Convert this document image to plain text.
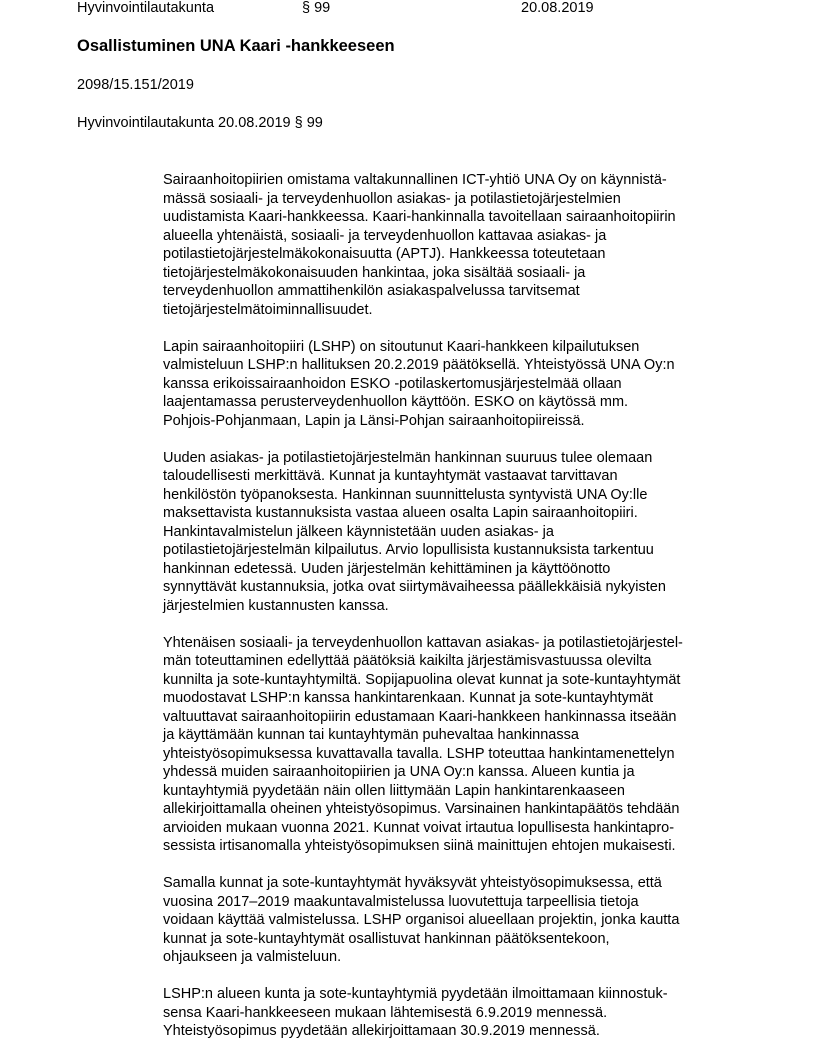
Hyvinvointilautakunta	§ 99	20.08.2019
Osallistuminen UNA Kaari -hankkeeseen
2098/15.151/2019
Hyvinvointilautakunta 20.08.2019 § 99

Sairaanhoitopiirien omistama valtakunnallinen ICT-yhtiö UNA Oy on käynnistä-
mässä sosiaali- ja terveydenhuollon asiakas- ja potilastietojärjestelmien
uudistamista Kaari-hankkeessa. Kaari-hankinnalla tavoitellaan sairaanhoitopiirin
alueella yhtenäistä, sosiaali- ja terveydenhuollon kattavaa asiakas- ja
potilastietojärjestelmäkokonaisuutta (APTJ). Hankkeessa toteutetaan
tietojärjestelmäkokonaisuuden hankintaa, joka sisältää sosiaali- ja
terveydenhuollon ammattihenkilön asiakaspalvelussa tarvitsemat
tietojärjestelmätoiminnallisuudet.

Lapin sairaanhoitopiiri (LSHP) on sitoutunut Kaari-hankkeen kilpailutuksen
valmisteluun LSHP:n hallituksen 20.2.2019 päätöksellä. Yhteistyössä UNA Oy:n
kanssa erikoissairaanhoidon ESKO -potilaskertomusjärjestelmää ollaan
laajentamassa perusterveydenhuollon käyttöön. ESKO on käytössä mm.
Pohjois-Pohjanmaan, Lapin ja Länsi-Pohjan sairaanhoitopiireissä.

Uuden asiakas- ja potilastietojärjestelmän hankinnan suuruus tulee olemaan
taloudellisesti merkittävä. Kunnat ja kuntayhtymät vastaavat tarvittavan
henkilöstön työpanoksesta. Hankinnan suunnittelusta syntyvistä UNA Oy:lle
maksettavista kustannuksista vastaa alueen osalta Lapin sairaanhoitopiiri.
Hankintavalmistelun jälkeen käynnistetään uuden asiakas- ja
potilastietojärjestelmän kilpailutus. Arvio lopullisista kustannuksista tarkentuu
hankinnan edetessä. Uuden järjestelmän kehittäminen ja käyttöönotto
synnyttävät kustannuksia, jotka ovat siirtymävaiheessa päällekkäisiä nykyisten
järjestelmien kustannusten kanssa.

Yhtenäisen sosiaali- ja terveydenhuollon kattavan asiakas- ja potilastietojärjestel-
män toteuttaminen edellyttää päätöksiä kaikilta järjestämisvastuussa olevilta
kunnilta ja sote-kuntayhtymiltä. Sopijapuolina olevat kunnat ja sote-kuntayhtymät
muodostavat LSHP:n kanssa hankintarenkaan. Kunnat ja sote-kuntayhtymät
valtuuttavat sairaanhoitopiirin edustamaan Kaari-hankkeen hankinnassa itseään
ja käyttämään kunnan tai kuntayhtymän puhevaltaa hankinnassa
yhteistyösopimuksessa kuvattavalla tavalla. LSHP toteuttaa hankintamenettelyn
yhdessä muiden sairaanhoitopiirien ja UNA Oy:n kanssa. Alueen kuntia ja
kuntayhtymiä pyydetään näin ollen liittymään Lapin hankintarenkaaseen
allekirjoittamalla oheinen yhteistyösopimus. Varsinainen hankintapäätös tehdään
arvioiden mukaan vuonna 2021. Kunnat voivat irtautua lopullisesta hankintapro-
sessista irtisanomalla yhteistyösopimuksen siinä mainittujen ehtojen mukaisesti.

Samalla kunnat ja sote-kuntayhtymät hyväksyvät yhteistyösopimuksessa, että
vuosina 2017–2019 maakuntavalmistelussa luovutettuja tarpeellisia tietoja
voidaan käyttää valmistelussa. LSHP organisoi alueellaan projektin, jonka kautta
kunnat ja sote-kuntayhtymät osallistuvat hankinnan päätöksentekoon,
ohjaukseen ja valmisteluun.

LSHP:n alueen kunta ja sote-kuntayhtymiä pyydetään ilmoittamaan kiinnostuk-
sensa Kaari-hankkeeseen mukaan lähtemisestä 6.9.2019 mennessä.
Yhteistyösopimus pyydetään allekirjoittamaan 30.9.2019 mennessä.
